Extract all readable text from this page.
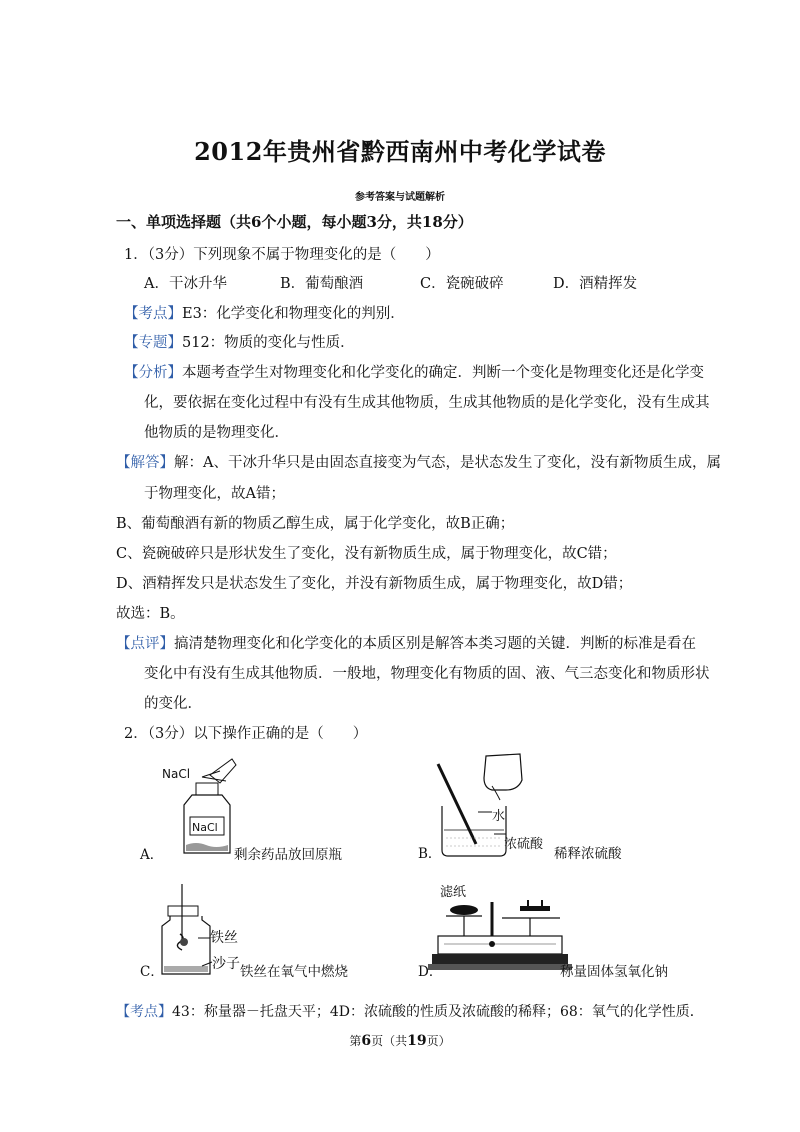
2012年贵州省黔西南州中考化学试卷
参考答案与试题解析
一、单项选择题（共6个小题，每小题3分，共18分）
1．（3分）下列现象不属于物理变化的是（　　）
A．干冰升华	B．葡萄酿酒	C．瓷碗破碎	D．酒精挥发
【考点】E3：化学变化和物理变化的判别．
【专题】512：物质的变化与性质．
【分析】本题考查学生对物理变化和化学变化的确定．判断一个变化是物理变化还是化学变
化，要依据在变化过程中有没有生成其他物质，生成其他物质的是化学变化，没有生成其
他物质的是物理变化．
【解答】解：A、干冰升华只是由固态直接变为气态，是状态发生了变化，没有新物质生成，属
于物理变化，故A错；
B、葡萄酿酒有新的物质乙醇生成，属于化学变化，故B正确；
C、瓷碗破碎只是形状发生了变化，没有新物质生成，属于物理变化，故C错；
D、酒精挥发只是状态发生了变化，并没有新物质生成，属于物理变化，故D错；
故选：B。
【点评】搞清楚物理变化和化学变化的本质区别是解答本类习题的关键．判断的标准是看在
变化中有没有生成其他物质．一般地，物理变化有物质的固、液、气三态变化和物质形状
的变化．
2．（3分）以下操作正确的是（　　）
NaCl
NaCl
A．	剩余药品放回原瓶
水
浓硫酸
B．	稀释浓硫酸
铁丝
沙子
C．	铁丝在氧气中燃烧
滤纸
D．	称量固体氢氧化钠
【考点】43：称量器－托盘天平；4D：浓硫酸的性质及浓硫酸的稀释；68：氧气的化学性质．
第6页（共19页）
